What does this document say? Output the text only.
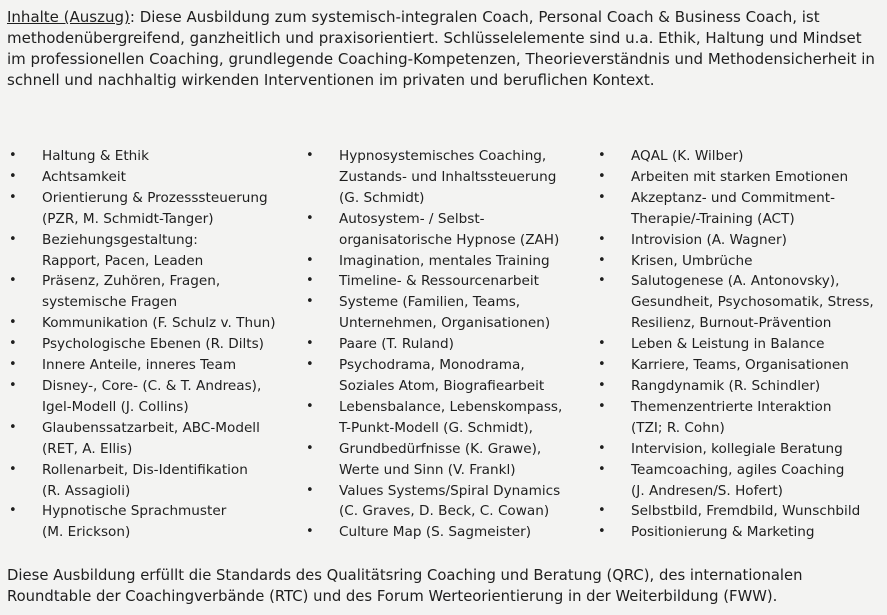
Inhalte (Auszug): Diese Ausbildung zum systemisch-integralen Coach, Personal Coach & Business Coach, ist methodenübergreifend, ganzheitlich und praxisorientiert. Schlüsselelemente sind u.a. Ethik, Haltung und Mindset im professionellen Coaching, grundlegende Coaching-Kompetenzen, Theorieverständnis und Methodensicherheit in schnell und nachhaltig wirkenden Interventionen im privaten und beruflichen Kontext.

• Haltung & Ethik
• Achtsamkeit
• Orientierung & Prozesssteuerung
(PZR, M. Schmidt-Tanger)
• Beziehungsgestaltung:
Rapport, Pacen, Leaden
• Präsenz, Zuhören, Fragen,
systemische Fragen
• Kommunikation (F. Schulz v. Thun)
• Psychologische Ebenen (R. Dilts)
• Innere Anteile, inneres Team
• Disney-, Core- (C. & T. Andreas),
Igel-Modell (J. Collins)
• Glaubenssatzarbeit, ABC-Modell
(RET, A. Ellis)
• Rollenarbeit, Dis-Identifikation
(R. Assagioli)
• Hypnotische Sprachmuster
(M. Erickson)
• Hypnosystemisches Coaching,
Zustands- und Inhaltssteuerung
(G. Schmidt)
• Autosystem- / Selbst-
organisatorische Hypnose (ZAH)
• Imagination, mentales Training
• Timeline- & Ressourcenarbeit
• Systeme (Familien, Teams,
Unternehmen, Organisationen)
• Paare (T. Ruland)
• Psychodrama, Monodrama,
Soziales Atom, Biografiearbeit
• Lebensbalance, Lebenskompass,
T-Punkt-Modell (G. Schmidt),
• Grundbedürfnisse (K. Grawe),
Werte und Sinn (V. Frankl)
• Values Systems/Spiral Dynamics
(C. Graves, D. Beck, C. Cowan)
• Culture Map (S. Sagmeister)
• AQAL (K. Wilber)
• Arbeiten mit starken Emotionen
• Akzeptanz- und Commitment-
Therapie/-Training (ACT)
• Introvision (A. Wagner)
• Krisen, Umbrüche
• Salutogenese (A. Antonovsky),
Gesundheit, Psychosomatik, Stress,
Resilienz, Burnout-Prävention
• Leben & Leistung in Balance
• Karriere, Teams, Organisationen
• Rangdynamik (R. Schindler)
• Themenzentrierte Interaktion
(TZI; R. Cohn)
• Intervision, kollegiale Beratung
• Teamcoaching, agiles Coaching
(J. Andresen/S. Hofert)
• Selbstbild, Fremdbild, Wunschbild
• Positionierung & Marketing

Diese Ausbildung erfüllt die Standards des Qualitätsring Coaching und Beratung (QRC), des internationalen Roundtable der Coachingverbände (RTC) und des Forum Werteorientierung in der Weiterbildung (FWW).
